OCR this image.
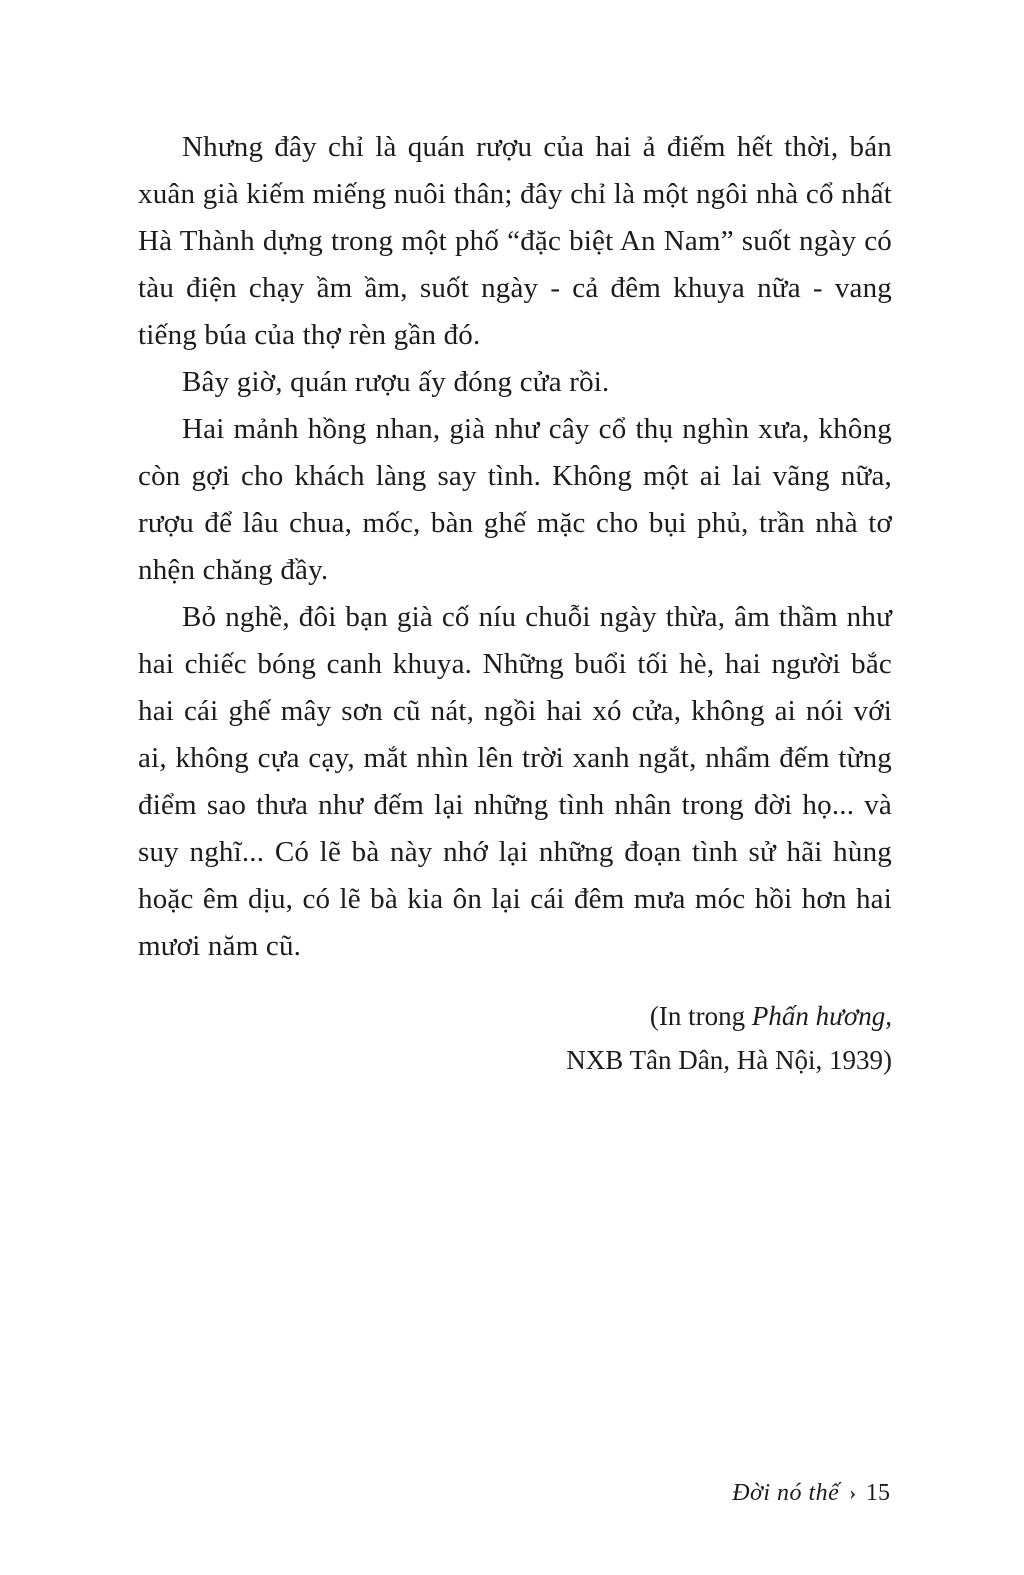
Nhưng đây chỉ là quán rượu của hai ả điếm hết thời, bán xuân già kiếm miếng nuôi thân; đây chỉ là một ngôi nhà cổ nhất Hà Thành dựng trong một phố “đặc biệt An Nam” suốt ngày có tàu điện chạy ầm ầm, suốt ngày - cả đêm khuya nữa - vang tiếng búa của thợ rèn gần đó.

Bây giờ, quán rượu ấy đóng cửa rồi.

Hai mảnh hồng nhan, già như cây cổ thụ nghìn xưa, không còn gợi cho khách làng say tình. Không một ai lai vãng nữa, rượu để lâu chua, mốc, bàn ghế mặc cho bụi phủ, trần nhà tơ nhện chăng đầy.

Bỏ nghề, đôi bạn già cố níu chuỗi ngày thừa, âm thầm như hai chiếc bóng canh khuya. Những buổi tối hè, hai người bắc hai cái ghế mây sơn cũ nát, ngồi hai xó cửa, không ai nói với ai, không cựa cạy, mắt nhìn lên trời xanh ngắt, nhẩm đếm từng điểm sao thưa như đếm lại những tình nhân trong đời họ... và suy nghĩ... Có lẽ bà này nhớ lại những đoạn tình sử hãi hùng hoặc êm dịu, có lẽ bà kia ôn lại cái đêm mưa móc hồi hơn hai mươi năm cũ.

(In trong Phấn hương,
NXB Tân Dân, Hà Nội, 1939)
Đời nó thế › 15
